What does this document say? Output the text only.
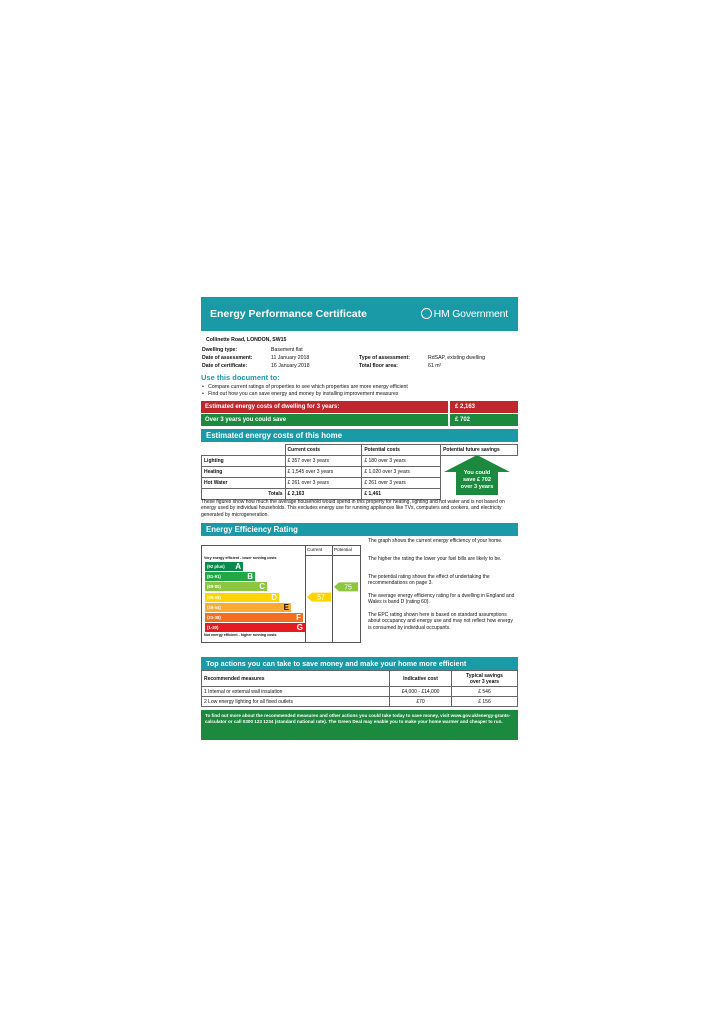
Energy Performance Certificate	HM Government
Collinette Road, LONDON, SW15
Dwelling type:	Basement flat
Date of assessment:	11 January 2018
Date of certificate:	16 January 2018
Type of assessment:	RdSAP, existing dwelling
Total floor area:	61 m²
Use this document to:
•   Compare current ratings of properties to see which properties are more energy efficient
•   Find out how you can save energy and money by installing improvement measures
Estimated energy costs of dwelling for 3 years:	£ 2,163
Over 3 years you could save	£ 702
Estimated energy costs of this home
	Current costs	Potential costs	Potential future savings
Lighting	£ 357 over 3 years	£ 180 over 3 years	
Heating	£ 1,545 over 3 years	£ 1,020 over 3 years	
Hot Water	£ 261 over 3 years	£ 261 over 3 years	
Totals	£ 2,163	£ 1,461	
You could
save £ 702
over 3 years
These figures show how much the average household would spend in this property for heating, lighting and hot water and is not based on energy used by individual households. This excludes energy use for running appliances like TVs, computers and cookers, and electricity generated by microgeneration.
Energy Efficiency Rating
Very energy efficient - lower running costs
Not energy efficient - higher running costs
(92 plus) A
(81-91)	B
(69-80)	C
(55-68)	D
(39-54)	E
(21-38)	F
(1-20)	G
57
75
Current	Potential
The graph shows the current energy efficiency of your home.
The higher the rating the lower your fuel bills are likely to be.
The potential rating shows the effect of undertaking the recommendations on page 3.
The average energy efficiency rating for a dwelling in England and Wales is band D (rating 60).
The EPC rating shown here is based on standard assumptions about occupancy and energy use and may not reflect how energy is consumed by individual occupants.
Top actions you can take to save money and make your home more efficient
Recommended measures	Indicative cost	Typical savings
over 3 years

1 Internal or external wall insulation	£4,000 - £14,000	£ 546
2 Low energy lighting for all fixed outlets	£70	£ 156
To find out more about the recommended measures and other actions you could take today to save money, visit www.gov.uk/energy-grants-calculator or call 0300 123 1234 (standard national rate). The Green Deal may enable you to make your home warmer and cheaper to run.
